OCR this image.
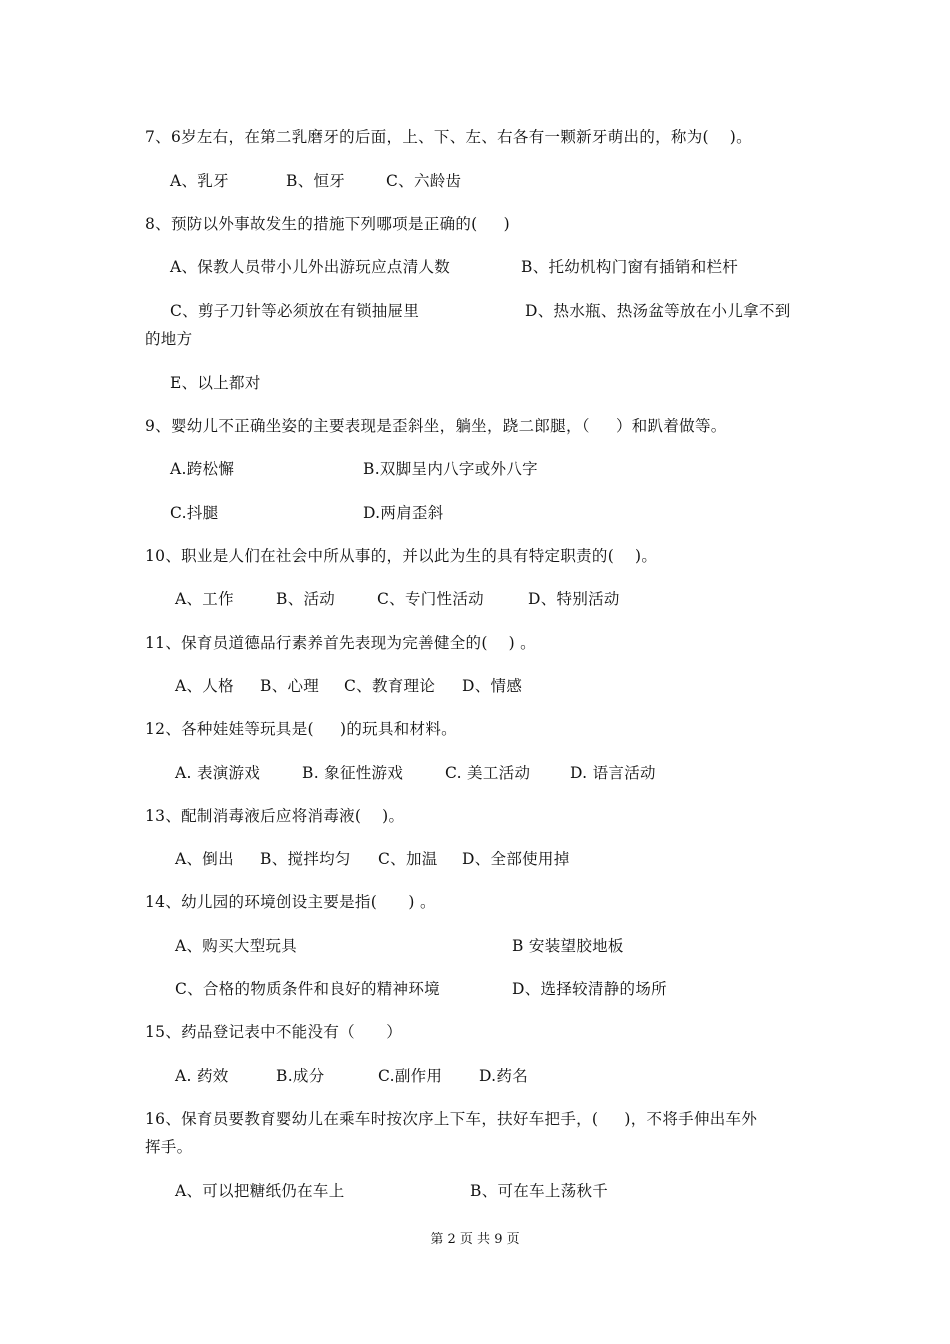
7、6岁左右，在第二乳磨牙的后面，上、下、左、右各有一颗新牙萌出的，称为(    )。
A、乳牙	B、恒牙	C、六龄齿
8、预防以外事故发生的措施下列哪项是正确的(     )
A、保教人员带小儿外出游玩应点清人数	B、托幼机构门窗有插销和栏杆
C、剪子刀针等必须放在有锁抽屉里	D、热水瓶、热汤盆等放在小儿拿不到
的地方
E、以上都对
9、婴幼儿不正确坐姿的主要表现是歪斜坐，躺坐，跷二郎腿，（     ）和趴着做等。
A.跨松懈	B.双脚呈内八字或外八字
C.抖腿	D.两肩歪斜
10、职业是人们在社会中所从事的，并以此为生的具有特定职责的(    )。
A、工作	B、活动	C、专门性活动	D、特别活动
11、保育员道德品行素养首先表现为完善健全的(    ) 。
A、人格 B、心理 C、教育理论 D、情感
12、各种娃娃等玩具是(     )的玩具和材料。
A. 表演游戏	B. 象征性游戏	C. 美工活动	D. 语言活动
13、配制消毒液后应将消毒液(    )。
A、倒出 B、搅拌均匀 C、加温 D、全部使用掉
14、幼儿园的环境创设主要是指(      ) 。
A、购买大型玩具	B 安装望胶地板
C、合格的物质条件和良好的精神环境	D、选择较清静的场所
15、药品登记表中不能没有（      ）
A. 药效	B.成分	C.副作用 D.药名
16、保育员要教育婴幼儿在乘车时按次序上下车，扶好车把手，(     )，不将手伸出车外
挥手。
A、可以把糖纸仍在车上	B、可在车上荡秋千
第 2 页 共 9 页
